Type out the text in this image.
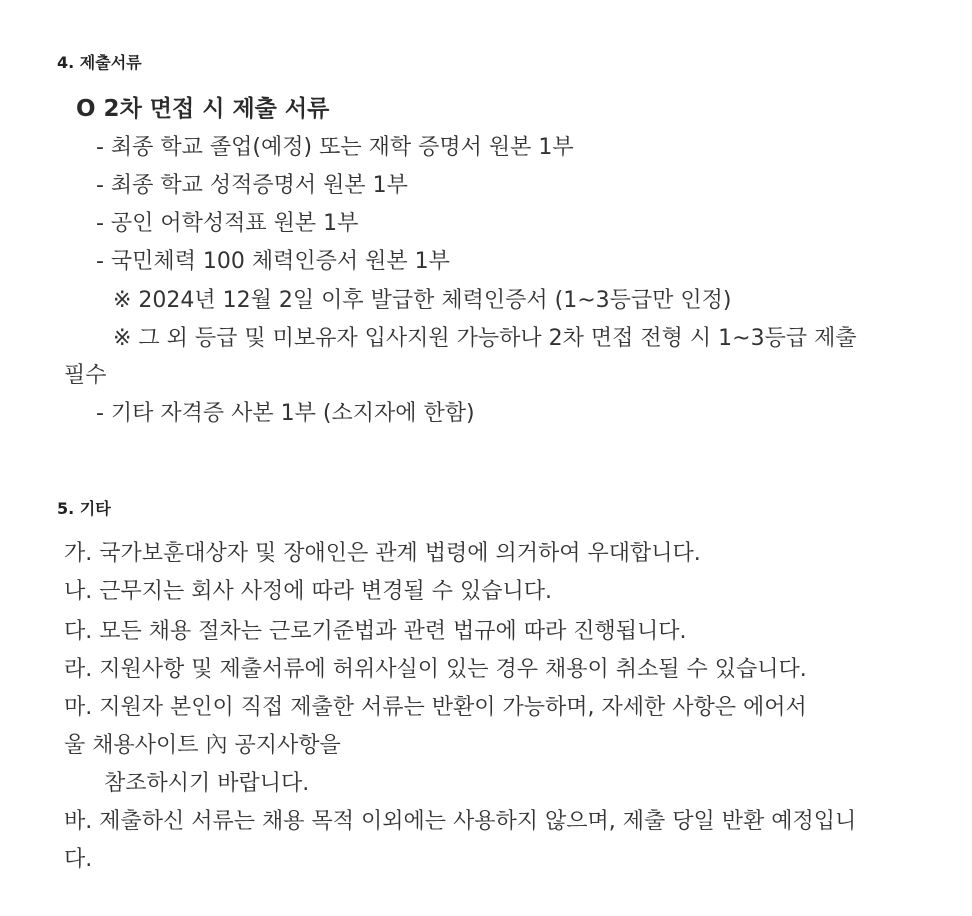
4. 제출서류
O 2차 면접 시 제출 서류
- 최종 학교 졸업(예정) 또는 재학 증명서 원본 1부
- 최종 학교 성적증명서 원본 1부
- 공인 어학성적표 원본 1부
- 국민체력 100 체력인증서 원본 1부
※ 2024년 12월 2일 이후 발급한 체력인증서 (1~3등급만 인정)
※ 그 외 등급 및 미보유자 입사지원 가능하나 2차 면접 전형 시 1~3등급 제출
필수
- 기타 자격증 사본 1부 (소지자에 한함)
5. 기타
가. 국가보훈대상자 및 장애인은 관계 법령에 의거하여 우대합니다.
나. 근무지는 회사 사정에 따라 변경될 수 있습니다.
다. 모든 채용 절차는 근로기준법과 관련 법규에 따라 진행됩니다.
라. 지원사항 및 제출서류에 허위사실이 있는 경우 채용이 취소될 수 있습니다.
마. 지원자 본인이 직접 제출한 서류는 반환이 가능하며, 자세한 사항은 에어서
울 채용사이트 內 공지사항을
참조하시기 바랍니다.
바. 제출하신 서류는 채용 목적 이외에는 사용하지 않으며, 제출 당일 반환 예정입니
다.
